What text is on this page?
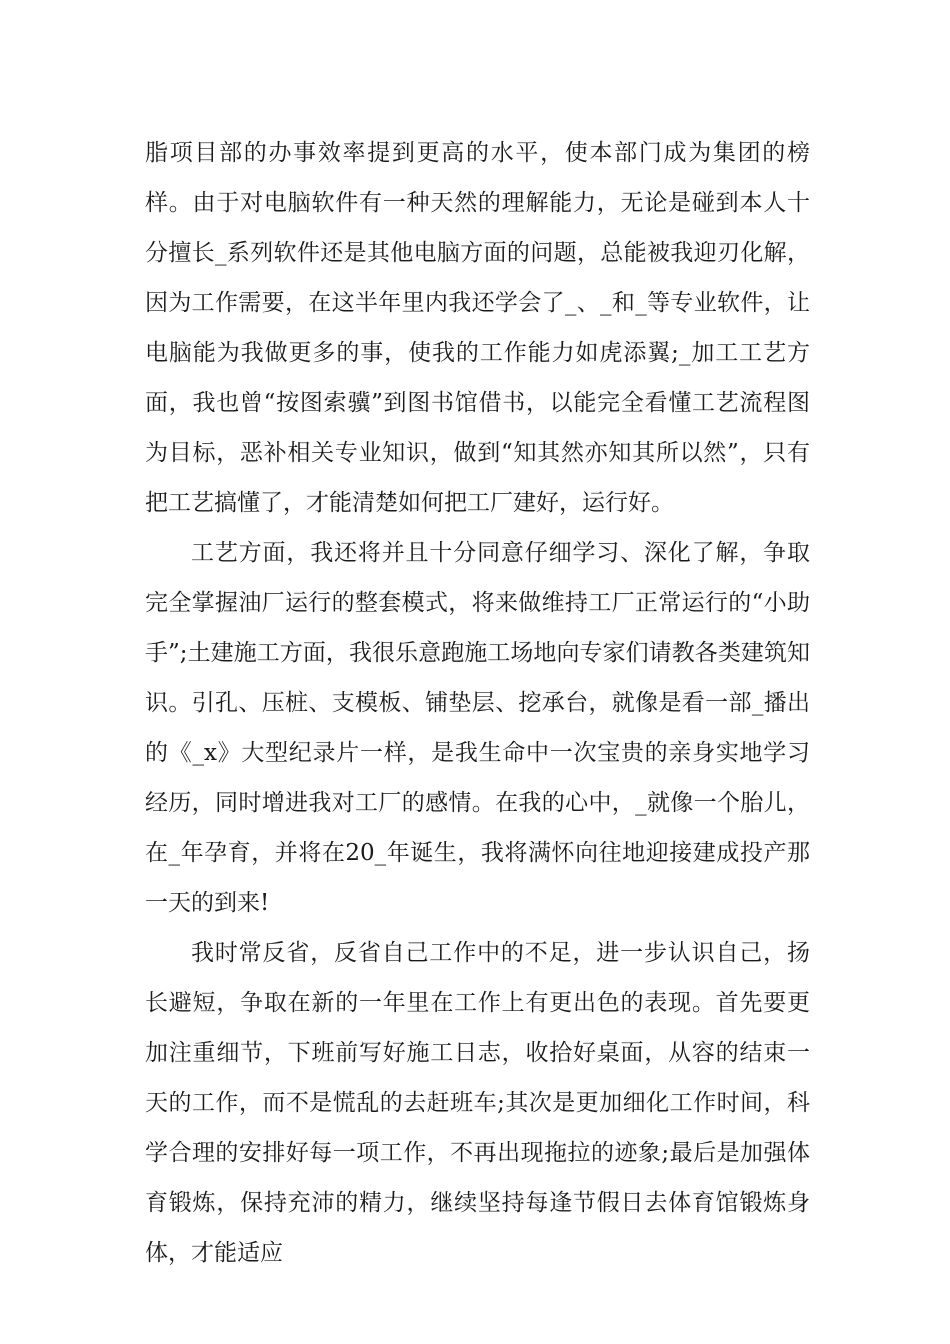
脂项目部的办事效率提到更高的水平，使本部门成为集团的榜样。由于对电脑软件有一种天然的理解能力，无论是碰到本人十分擅长_系列软件还是其他电脑方面的问题，总能被我迎刃化解，因为工作需要，在这半年里内我还学会了_、_和_等专业软件，让电脑能为我做更多的事，使我的工作能力如虎添翼;_加工工艺方面，我也曾“按图索骥”到图书馆借书，以能完全看懂工艺流程图为目标，恶补相关专业知识，做到“知其然亦知其所以然”，只有把工艺搞懂了，才能清楚如何把工厂建好，运行好。

工艺方面，我还将并且十分同意仔细学习、深化了解，争取完全掌握油厂运行的整套模式，将来做维持工厂正常运行的“小助手”;土建施工方面，我很乐意跑施工场地向专家们请教各类建筑知识。引孔、压桩、支模板、铺垫层、挖承台，就像是看一部_播出的《_x》大型纪录片一样，是我生命中一次宝贵的亲身实地学习经历，同时增进我对工厂的感情。在我的心中，_就像一个胎儿，在_年孕育，并将在20_年诞生，我将满怀向往地迎接建成投产那一天的到来!

我时常反省，反省自己工作中的不足，进一步认识自己，扬长避短，争取在新的一年里在工作上有更出色的表现。首先要更加注重细节，下班前写好施工日志，收拾好桌面，从容的结束一天的工作，而不是慌乱的去赶班车;其次是更加细化工作时间，科学合理的安排好每一项工作，不再出现拖拉的迹象;最后是加强体育锻炼，保持充沛的精力，继续坚持每逢节假日去体育馆锻炼身体，才能适应
